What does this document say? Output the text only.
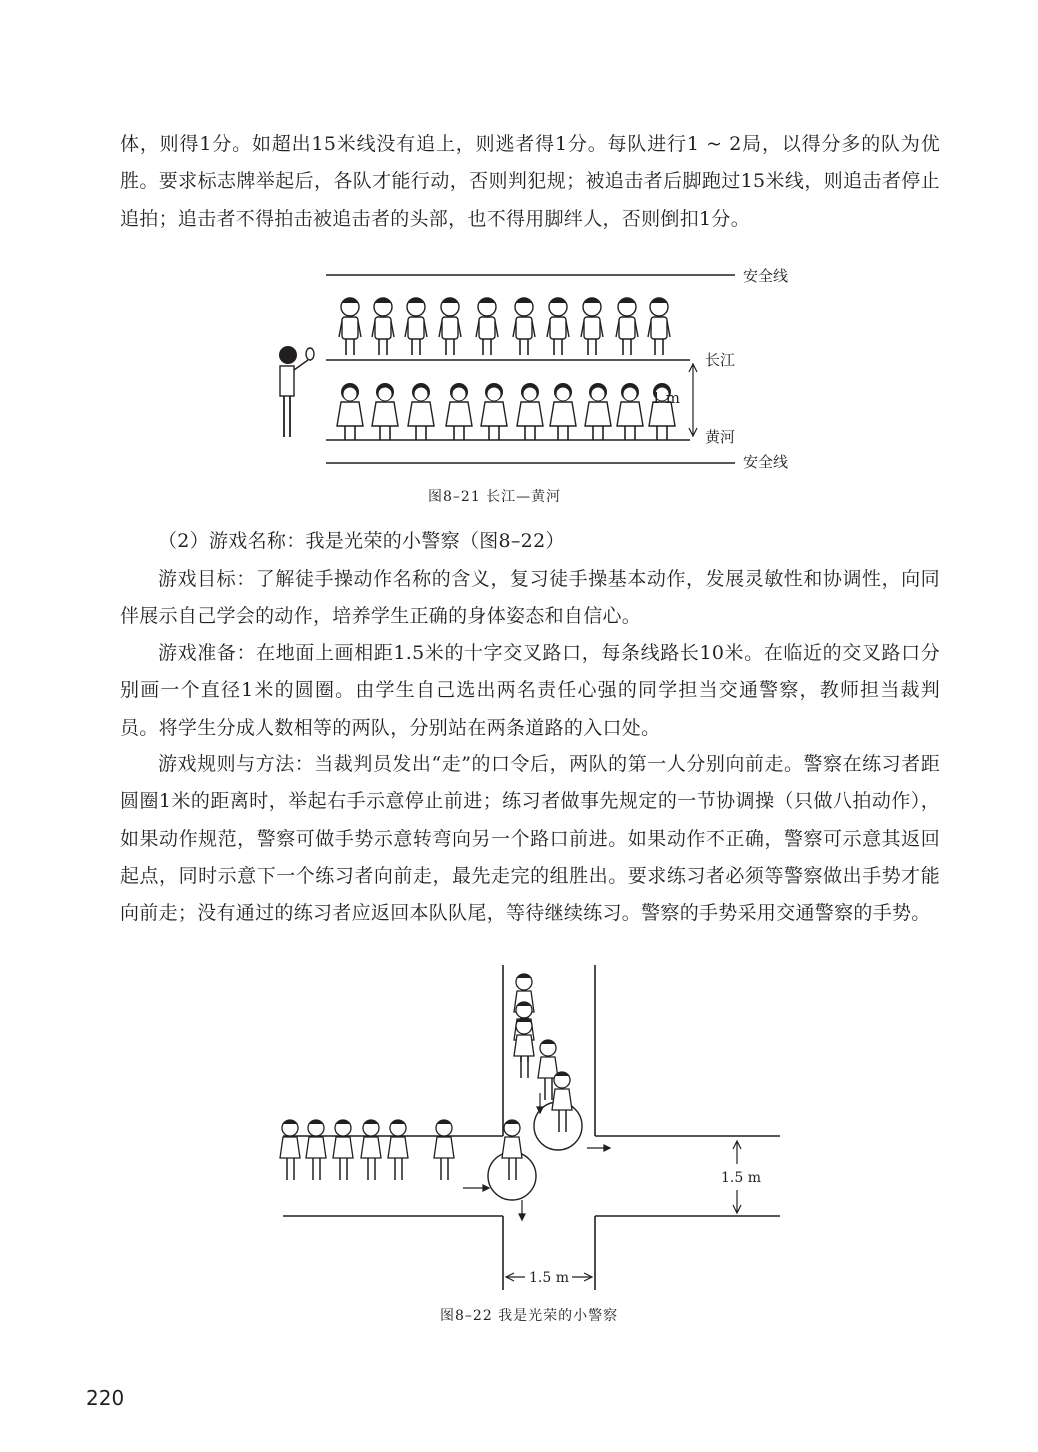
体，则得1分。如超出15米线没有追上，则逃者得1分。每队进行1 ~ 2局，以得分多的队为优胜。要求标志牌举起后，各队才能行动，否则判犯规；被追击者后脚跑过15米线，则追击者停止追拍；追击者不得拍击被追击者的头部，也不得用脚绊人，否则倒扣1分。

安全线
长江
黄河
1 m
安全线
图8–21 长江—黄河

（2）游戏名称：我是光荣的小警察（图8–22）

游戏目标：了解徒手操动作名称的含义，复习徒手操基本动作，发展灵敏性和协调性，向同伴展示自己学会的动作，培养学生正确的身体姿态和自信心。

游戏准备：在地面上画相距1.5米的十字交叉路口，每条线路长10米。在临近的交叉路口分别画一个直径1米的圆圈。由学生自己选出两名责任心强的同学担当交通警察，教师担当裁判员。将学生分成人数相等的两队，分别站在两条道路的入口处。

游戏规则与方法：当裁判员发出“走”的口令后，两队的第一人分别向前走。警察在练习者距圆圈1米的距离时，举起右手示意停止前进；练习者做事先规定的一节协调操（只做八拍动作），如果动作规范，警察可做手势示意转弯向另一个路口前进。如果动作不正确，警察可示意其返回起点，同时示意下一个练习者向前走，最先走完的组胜出。要求练习者必须等警察做出手势才能向前走；没有通过的练习者应返回本队队尾，等待继续练习。警察的手势采用交通警察的手势。

1.5 m
1.5 m
图8–22 我是光荣的小警察
220
